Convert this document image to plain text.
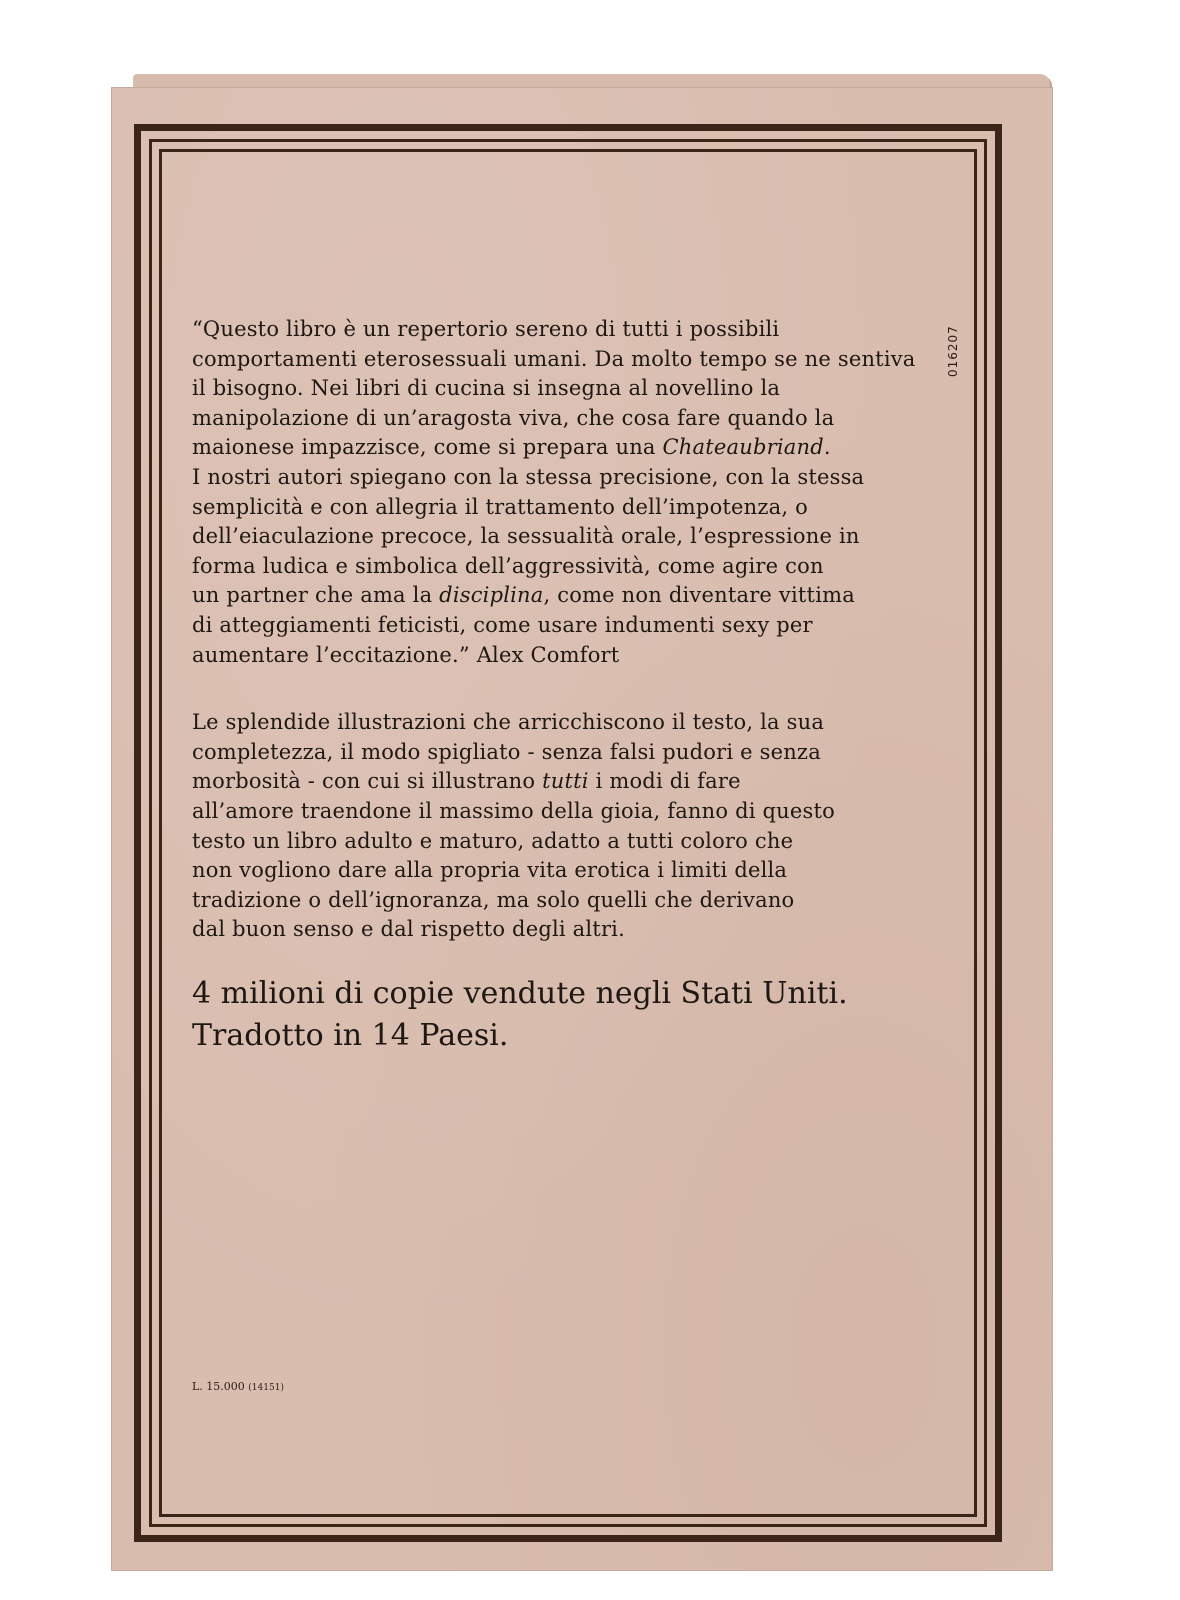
016207
“Questo libro è un repertorio sereno di tutti i possibili
comportamenti eterosessuali umani. Da molto tempo se ne sentiva
il bisogno. Nei libri di cucina si insegna al novellino la
manipolazione di un’aragosta viva, che cosa fare quando la
maionese impazzisce, come si prepara una Chateaubriand.
I nostri autori spiegano con la stessa precisione, con la stessa
semplicità e con allegria il trattamento dell’impotenza, o
dell’eiaculazione precoce, la sessualità orale, l’espressione in
forma ludica e simbolica dell’aggressività, come agire con
un partner che ama la disciplina, come non diventare vittima
di atteggiamenti feticisti, come usare indumenti sexy per
aumentare l’eccitazione.” Alex Comfort
Le splendide illustrazioni che arricchiscono il testo, la sua
completezza, il modo spigliato - senza falsi pudori e senza
morbosità - con cui si illustrano tutti i modi di fare
all’amore traendone il massimo della gioia, fanno di questo
testo un libro adulto e maturo, adatto a tutti coloro che
non vogliono dare alla propria vita erotica i limiti della
tradizione o dell’ignoranza, ma solo quelli che derivano
dal buon senso e dal rispetto degli altri.
4 milioni di copie vendute negli Stati Uniti.
Tradotto in 14 Paesi.
L. 15.000 (14151)
